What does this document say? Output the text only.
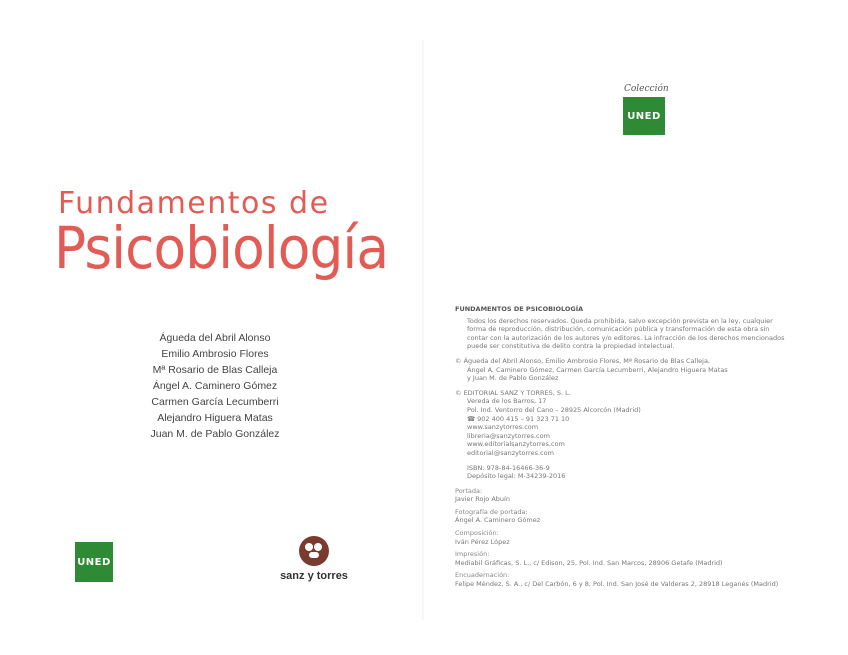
Fundamentos de
Psicobiología
Águeda del Abril Alonso
Emilio Ambrosio Flores
Mª Rosario de Blas Calleja
Ángel A. Caminero Gómez
Carmen García Lecumberri
Alejandro Higuera Matas
Juan M. de Pablo González
UNED
sanz y torres
Colección
UNED
FUNDAMENTOS DE PSICOBIOLOGÍA
Todos los derechos reservados. Queda prohibida, salvo excepción prevista en la ley, cualquier
forma de reproducción, distribución, comunicación pública y transformación de esta obra sin
contar con la autorización de los autores y/o editores. La infracción de los derechos mencionados
puede ser constitutiva de delito contra la propiedad intelectual.
© Águeda del Abril Alonso, Emilio Ambrosio Flores, Mª Rosario de Blas Calleja,
Ángel A. Caminero Gómez, Carmen García Lecumberri, Alejandro Higuera Matas
y Juan M. de Pablo González
© EDITORIAL SANZ Y TORRES, S. L.
Vereda de los Barros, 17
Pol. Ind. Ventorro del Cano – 28925 Alcorcón (Madrid)
☎ 902 400 415 – 91 323 71 10
www.sanzytorres.com
libreria@sanzytorres.com
www.editorialsanzytorres.com
editorial@sanzytorres.com
ISBN: 978-84-16466-36-9
Depósito legal: M-34239-2016
Portada:
Javier Rojo Abuín
Fotografía de portada:
Ángel A. Caminero Gómez
Composición:
Iván Pérez López
Impresión:
Mediabil Gráficas, S. L., c/ Edison, 25, Pol. Ind. San Marcos, 28906 Getafe (Madrid)
Encuadernación:
Felipe Méndez, S. A., c/ Del Carbón, 6 y 8, Pol. Ind. San José de Valderas 2, 28918 Leganés (Madrid)
